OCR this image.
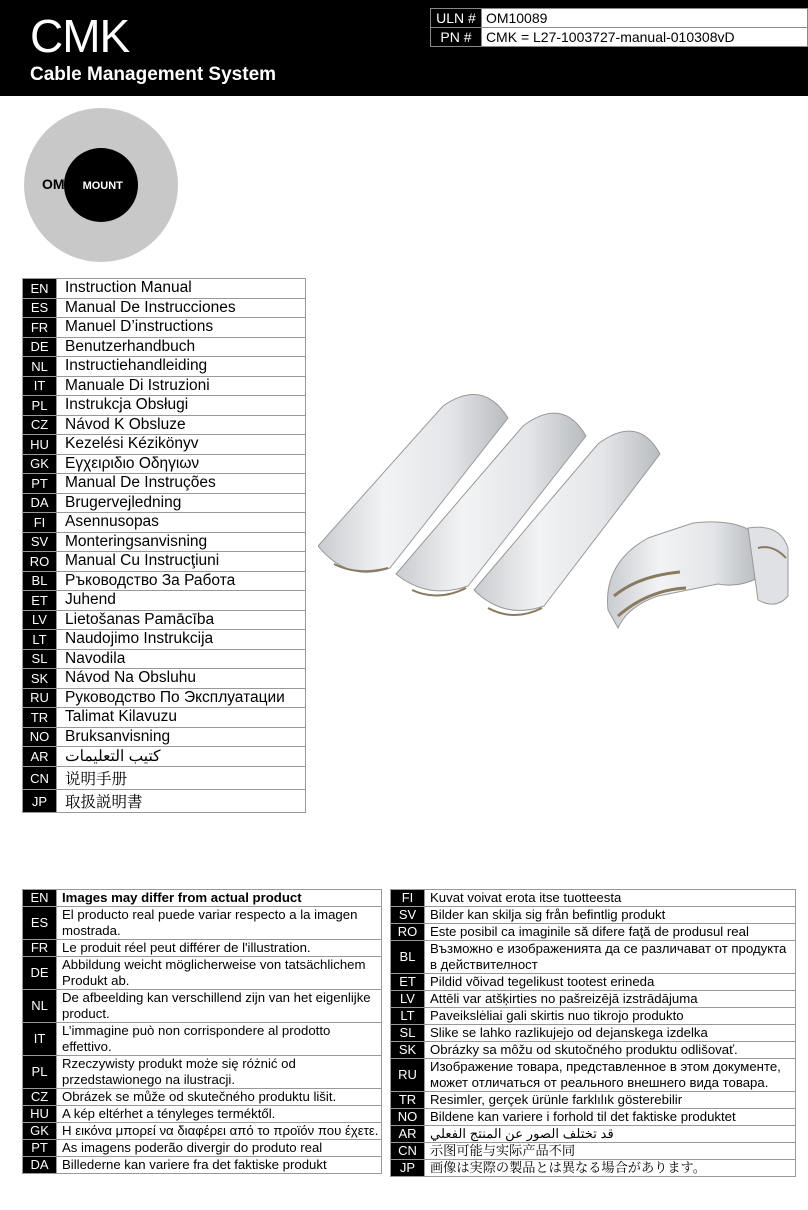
CMK
Cable Management System
ULN #	OM10089
PN #	CMK = L27-1003727-manual-010308vD
OMNI MOUNT
EN	Instruction Manual
ES	Manual De Instrucciones
FR	Manuel D’instructions
DE	Benutzerhandbuch
NL	Instructiehandleiding
IT	Manuale Di Istruzioni
PL	Instrukcja Obsługi
CZ	Návod K Obsluze
HU	Kezelési Kézikönyv
GK	Εγχειριδιο Οδηγιων
PT	Manual De Instruções
DA	Brugervejledning
FI	Asennusopas
SV	Monteringsanvisning
RO	Manual Cu Instrucţiuni
BL	Ръководство За Работа
ET	Juhend
LV	Lietošanas Pamācība
LT	Naudojimo Instrukcija
SL	Navodila
SK	Návod Na Obsluhu
RU	Руководство По Эксплуатации
TR	Talimat Kilavuzu
NO	Bruksanvisning
AR	كتيب التعليمات
CN	说明手册
JP	取扱説明書
EN	Images may differ from actual product
ES	El producto real puede variar respecto a la imagen mostrada.
FR	Le produit réel peut différer de l'illustration.
DE	Abbildung weicht möglicherweise von tatsächlichem Produkt ab.
NL	De afbeelding kan verschillend zijn van het eigenlijke product.
IT	L’immagine può non corrispondere al prodotto effettivo.
PL	Rzeczywisty produkt może się różnić od przedstawionego na ilustracji.
CZ	Obrázek se může od skutečného produktu lišit.
HU	A kép eltérhet a tényleges terméktől.
GK	Η εικόνα μπορεί να διαφέρει από το προϊόν που έχετε.
PT	As imagens poderão divergir do produto real
DA	Billederne kan variere fra det faktiske produkt
FI	Kuvat voivat erota itse tuotteesta
SV	Bilder kan skilja sig från befintlig produkt
RO	Este posibil ca imaginile să difere faţă de produsul real
BL	Възможно е изображенията да се различават от продукта в действителност
ET	Pildid võivad tegelikust tootest erineda
LV	Attēli var atšķirties no pašreizējā izstrādājuma
LT	Paveikslėliai gali skirtis nuo tikrojo produkto
SL	Slike se lahko razlikujejo od dejanskega izdelka
SK	Obrázky sa môžu od skutočného produktu odlišovať.
RU	Изображение товара, представленное в этом документе, может отличаться от реального внешнего вида товара.
TR	Resimler, gerçek ürünle farklılık gösterebilir
NO	Bildene kan variere i forhold til det faktiske produktet
AR	قد تختلف الصور عن المنتج الفعلي
CN	示图可能与实际产品不同
JP	画像は実際の製品とは異なる場合があります。
